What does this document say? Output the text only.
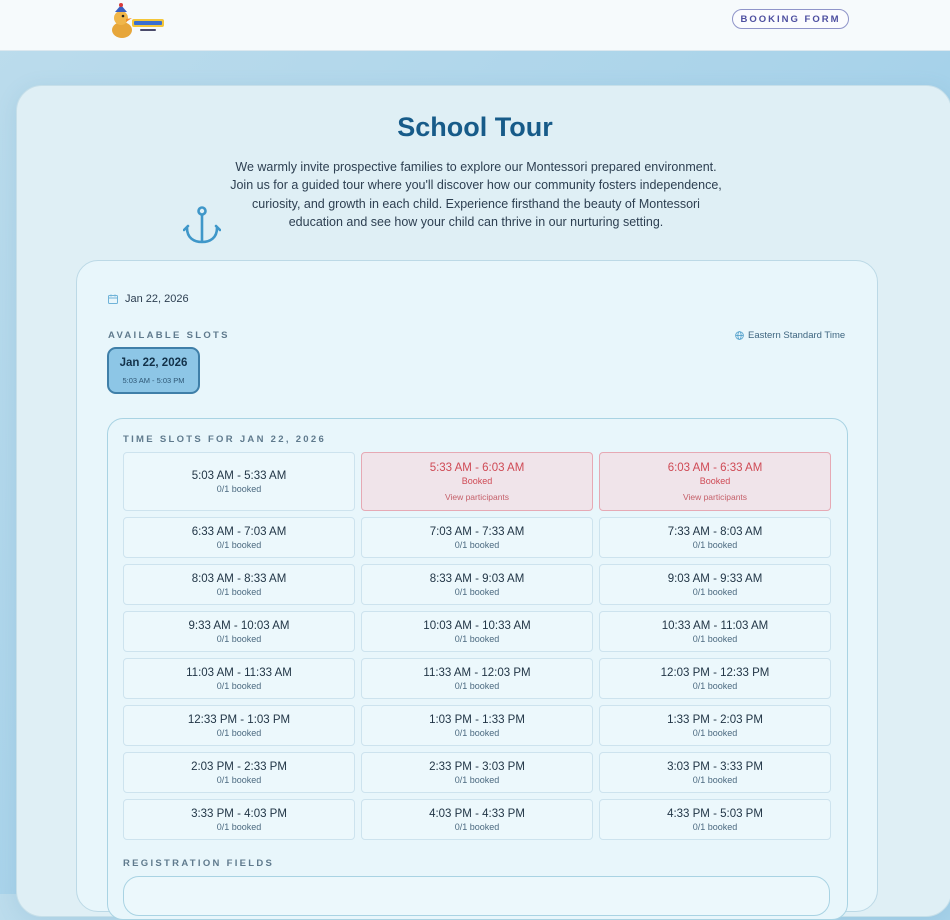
BOOKING FORM
School Tour

We warmly invite prospective families to explore our Montessori prepared environment. Join us for a guided tour where you'll discover how our community fosters independence, curiosity, and growth in each child. Experience firsthand the beauty of Montessori education and see how your child can thrive in our nurturing setting.

Jan 22, 2026
AVAILABLE SLOTS	Eastern Standard Time
Jan 22, 2026
5:03 AM - 5:03 PM
TIME SLOTS FOR JAN 22, 2026
5:03 AM - 5:33 AM
0/1 booked
5:33 AM - 6:03 AM
Booked
View participants
6:03 AM - 6:33 AM
Booked
View participants
6:33 AM - 7:03 AM
0/1 booked
7:03 AM - 7:33 AM
0/1 booked
7:33 AM - 8:03 AM
0/1 booked
8:03 AM - 8:33 AM
0/1 booked
8:33 AM - 9:03 AM
0/1 booked
9:03 AM - 9:33 AM
0/1 booked
9:33 AM - 10:03 AM
0/1 booked
10:03 AM - 10:33 AM
0/1 booked
10:33 AM - 11:03 AM
0/1 booked
11:03 AM - 11:33 AM
0/1 booked
11:33 AM - 12:03 PM
0/1 booked
12:03 PM - 12:33 PM
0/1 booked
12:33 PM - 1:03 PM
0/1 booked
1:03 PM - 1:33 PM
0/1 booked
1:33 PM - 2:03 PM
0/1 booked
2:03 PM - 2:33 PM
0/1 booked
2:33 PM - 3:03 PM
0/1 booked
3:03 PM - 3:33 PM
0/1 booked
3:33 PM - 4:03 PM
0/1 booked
4:03 PM - 4:33 PM
0/1 booked
4:33 PM - 5:03 PM
0/1 booked
REGISTRATION FIELDS
